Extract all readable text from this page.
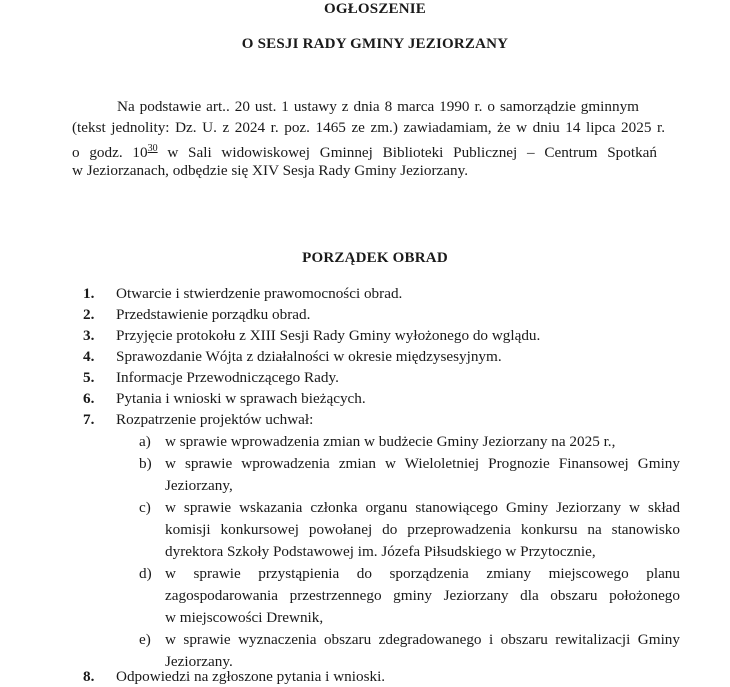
OGŁOSZENIE
O SESJI RADY GMINY JEZIORZANY
Na podstawie art.. 20 ust. 1 ustawy z dnia 8 marca 1990 r. o samorządzie gminnym
(tekst jednolity: Dz. U. z 2024 r. poz. 1465 ze zm.) zawiadamiam, że w dniu 14 lipca 2025 r.
o godz. $10^{30}$ w Sali widowiskowej Gminnej Biblioteki Publicznej – Centrum Spotkań
w Jeziorzanach, odbędzie się XIV Sesja Rady Gminy Jeziorzany.
PORZĄDEK OBRAD
1. Otwarcie i stwierdzenie prawomocności obrad.
2. Przedstawienie porządku obrad.
3. Przyjęcie protokołu z XIII Sesji Rady Gminy wyłożonego do wglądu.
4. Sprawozdanie Wójta z działalności w okresie międzysesyjnym.
5. Informacje Przewodniczącego Rady.
6. Pytania i wnioski w sprawach bieżących.
7. Rozpatrzenie projektów uchwał:
a) w sprawie wprowadzenia zmian w budżecie Gminy Jeziorzany na 2025 r.,
b) w sprawie wprowadzenia zmian w Wieloletniej Prognozie Finansowej Gminy
Jeziorzany,
c) w sprawie wskazania członka organu stanowiącego Gminy Jeziorzany w skład
komisji konkursowej powołanej do przeprowadzenia konkursu na stanowisko
dyrektora Szkoły Podstawowej im. Józefa Piłsudskiego w Przytocznie,
d) w sprawie przystąpienia do sporządzenia zmiany miejscowego planu
zagospodarowania przestrzennego gminy Jeziorzany dla obszaru położonego
w miejscowości Drewnik,
e) w sprawie wyznaczenia obszaru zdegradowanego i obszaru rewitalizacji Gminy
Jeziorzany.
8. Odpowiedzi na zgłoszone pytania i wnioski.
